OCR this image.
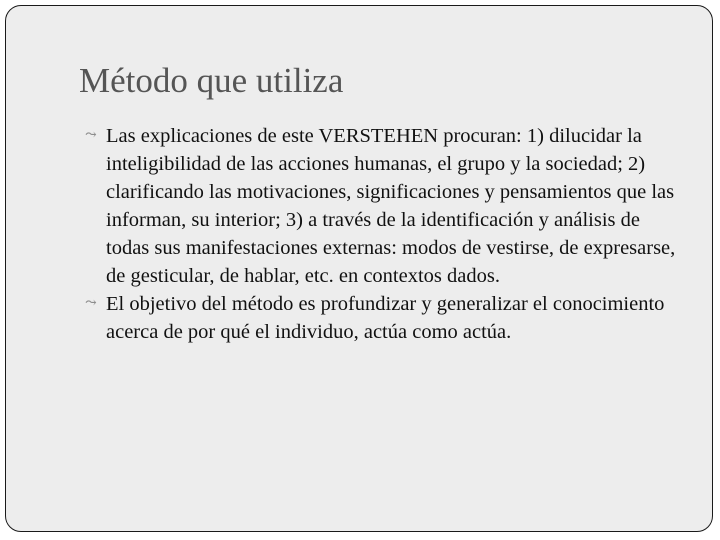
Método que utiliza
⤳ Las explicaciones de este VERSTEHEN procuran: 1) dilucidar la inteligibilidad de las acciones humanas, el grupo y la sociedad; 2) clarificando las motivaciones, significaciones y pensamientos que las informan, su interior; 3) a través de la identificación y análisis de todas sus manifestaciones externas: modos de vestirse, de expresarse, de gesticular, de hablar, etc. en contextos dados.
⤳ El objetivo del método es profundizar y generalizar el conocimiento acerca de por qué el individuo, actúa como actúa.
